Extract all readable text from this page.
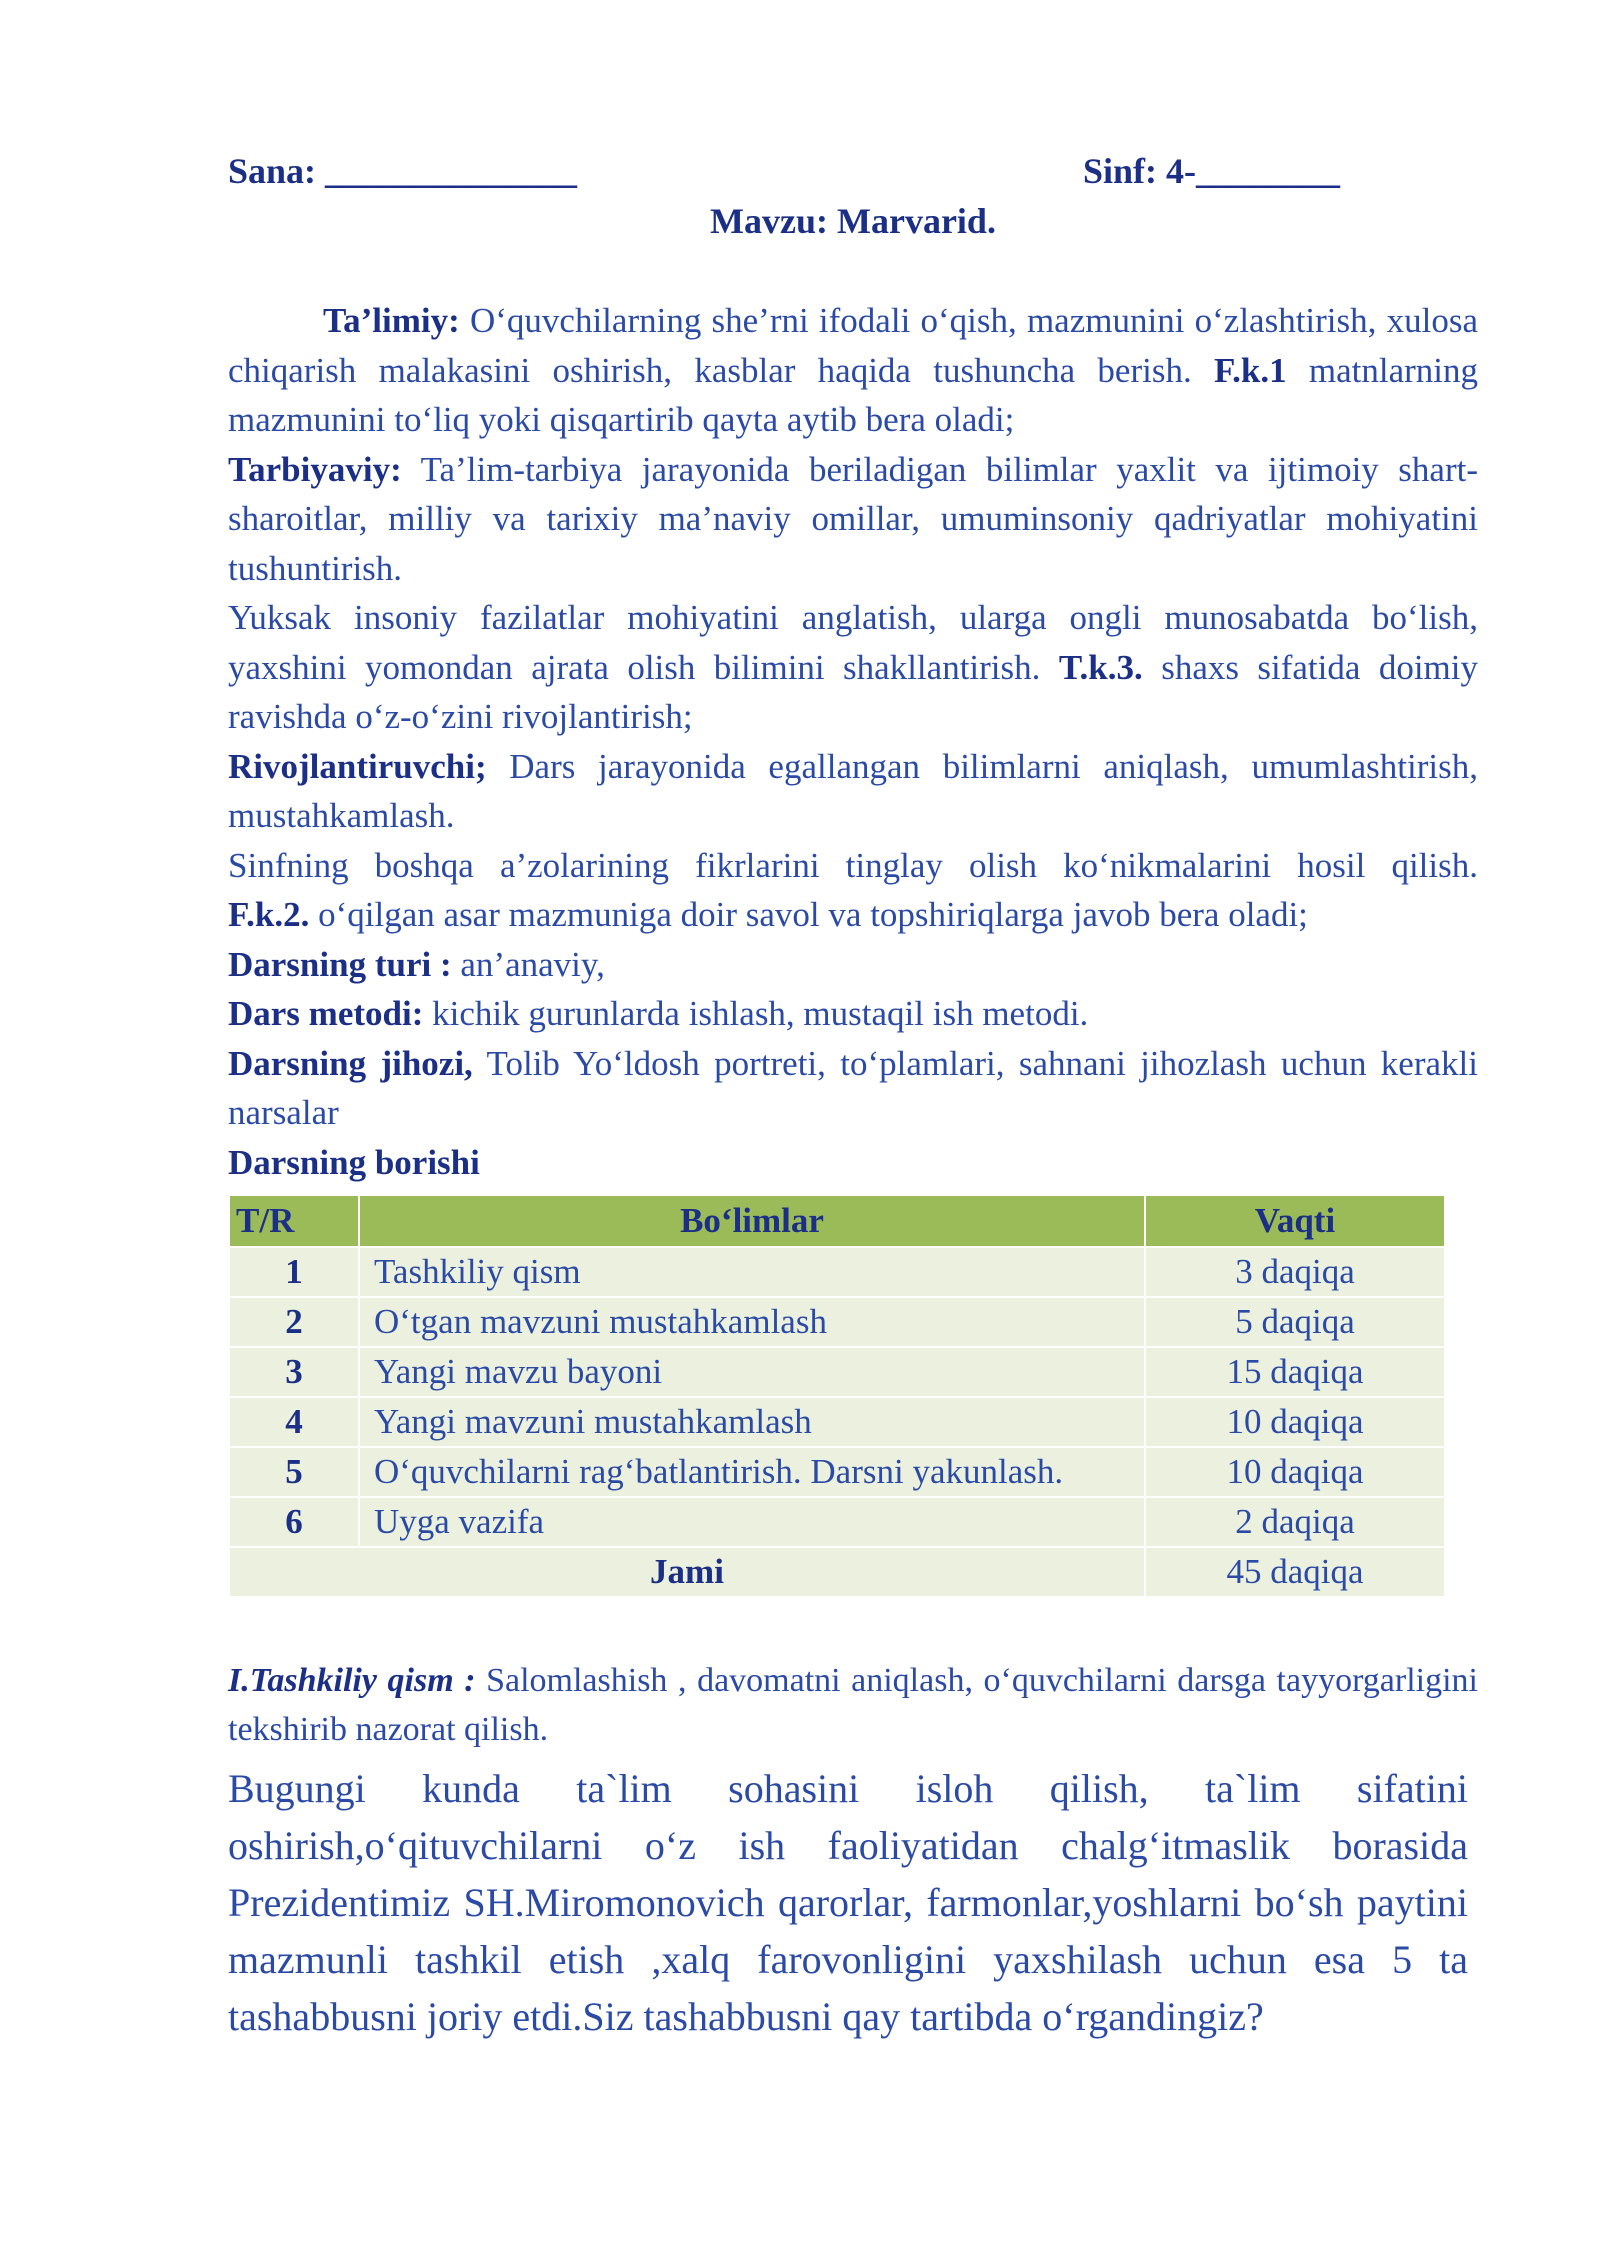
Sana: ______________	Sinf: 4-________
Mavzu: Marvarid.

Ta’limiy: O‘quvchilarning she’rni ifodali o‘qish, mazmunini o‘zlashtirish, xulosa chiqarish malakasini oshirish, kasblar haqida tushuncha berish. F.k.1 matnlarning mazmunini to‘liq yoki qisqartirib qayta aytib bera oladi;

Tarbiyaviy: Ta’lim-tarbiya jarayonida beriladigan bilimlar yaxlit va ijtimoiy shart-sharoitlar, milliy va tarixiy ma’naviy omillar, umuminsoniy qadriyatlar mohiyatini tushuntirish.

Yuksak insoniy fazilatlar mohiyatini anglatish, ularga ongli munosabatda bo‘lish, yaxshini yomondan ajrata olish bilimini shakllantirish. T.k.3. shaxs sifatida doimiy ravishda o‘z-o‘zini rivojlantirish;

Rivojlantiruvchi; Dars jarayonida egallangan bilimlarni aniqlash, umumlashtirish, mustahkamlash.

Sinfning boshqa a’zolarining fikrlarini tinglay olish ko‘nikmalarini hosil qilish.

F.k.2. o‘qilgan asar mazmuniga doir savol va topshiriqlarga javob bera oladi;

Darsning turi : an’anaviy,

Dars metodi: kichik gurunlarda ishlash, mustaqil ish metodi.

Darsning jihozi, Tolib Yo‘ldosh portreti, to‘plamlari, sahnani jihozlash uchun kerakli narsalar

Darsning borishi

T/R	Bo‘limlar	Vaqti
1	Tashkiliy qism	3 daqiqa
2	O‘tgan mavzuni mustahkamlash	5 daqiqa
3	Yangi mavzu bayoni	15 daqiqa
4	Yangi mavzuni mustahkamlash	10 daqiqa
5	O‘quvchilarni rag‘batlantirish. Darsni yakunlash.	10 daqiqa
6	Uyga vazifa	2 daqiqa
Jami		45 daqiqa

I.Tashkiliy qism : Salomlashish , davomatni aniqlash, o‘quvchilarni darsga tayyorgarligini tekshirib nazorat qilish.

Bugungi kunda ta`lim sohasini isloh qilish, ta`lim sifatini oshirish,o‘qituvchilarni o‘z ish faoliyatidan chalg‘itmaslik borasida Prezidentimiz SH.Miromonovich qarorlar, farmonlar,yoshlarni bo‘sh paytini mazmunli tashkil etish ,xalq farovonligini yaxshilash uchun esa 5 ta tashabbusni joriy etdi.Siz tashabbusni qay tartibda o‘rgandingiz?
